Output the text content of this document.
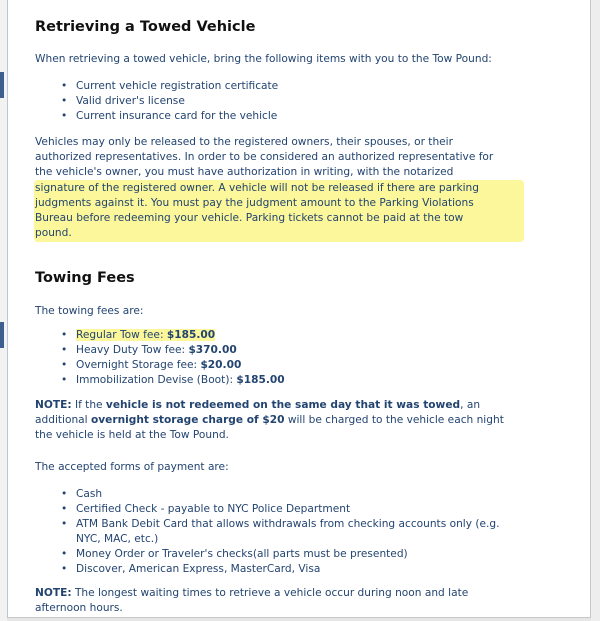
Retrieving a Towed Vehicle

When retrieving a towed vehicle, bring the following items with you to the Tow Pound:

• Current vehicle registration certificate
• Valid driver's license
• Current insurance card for the vehicle

Vehicles may only be released to the registered owners, their spouses, or their

authorized representatives. In order to be considered an authorized representative for

the vehicle's owner, you must have authorization in writing, with the notarized

signature of the registered owner. A vehicle will not be released if there are parking

judgments against it. You must pay the judgment amount to the Parking Violations

Bureau before redeeming your vehicle. Parking tickets cannot be paid at the tow

pound.

Towing Fees

The towing fees are:

• Regular Tow fee: $185.00
• Heavy Duty Tow fee: $370.00
• Overnight Storage fee: $20.00
• Immobilization Devise (Boot): $185.00

NOTE: If the vehicle is not redeemed on the same day that it was towed, an

additional overnight storage charge of $20 will be charged to the vehicle each night

the vehicle is held at the Tow Pound.

The accepted forms of payment are:

• Cash
• Certified Check - payable to NYC Police Department
• ATM Bank Debit Card that allows withdrawals from checking accounts only (e.g.
NYC, MAC, etc.)
• Money Order or Traveler's checks(all parts must be presented)
• Discover, American Express, MasterCard, Visa

NOTE: The longest waiting times to retrieve a vehicle occur during noon and late

afternoon hours.
